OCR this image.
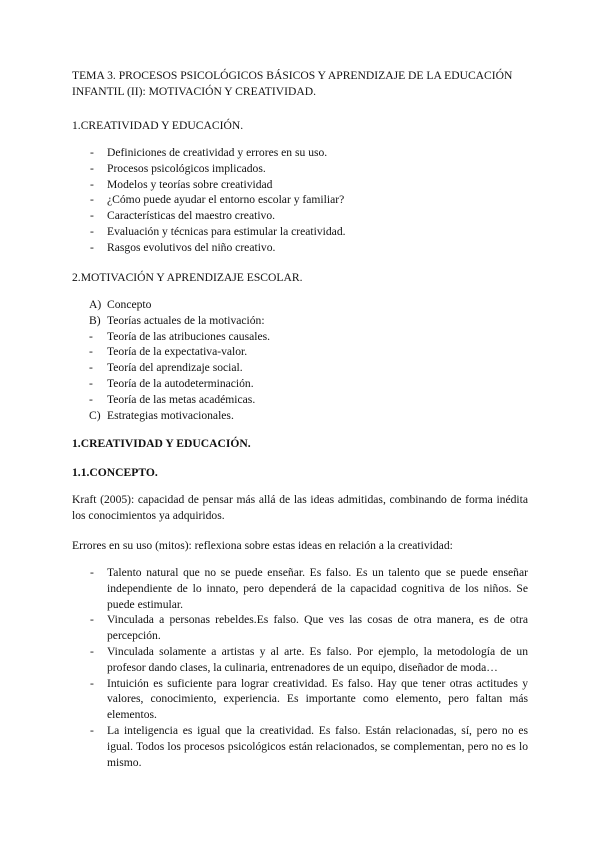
TEMA 3. PROCESOS PSICOLÓGICOS BÁSICOS Y APRENDIZAJE DE LA EDUCACIÓN INFANTIL (II): MOTIVACIÓN Y CREATIVIDAD.

1.CREATIVIDAD Y EDUCACIÓN.

- Definiciones de creatividad y errores en su uso.
- Procesos psicológicos implicados.
- Modelos y teorías sobre creatividad
- ¿Cómo puede ayudar el entorno escolar y familiar?
- Características del maestro creativo.
- Evaluación y técnicas para estimular la creatividad.
- Rasgos evolutivos del niño creativo.

2.MOTIVACIÓN Y APRENDIZAJE ESCOLAR.

A) Concepto
B) Teorías actuales de la motivación:
- Teoría de las atribuciones causales.
- Teoría de la expectativa-valor.
- Teoría del aprendizaje social.
- Teoría de la autodeterminación.
- Teoría de las metas académicas.
C) Estrategias motivacionales.

1.CREATIVIDAD Y EDUCACIÓN.

1.1.CONCEPTO.

Kraft (2005): capacidad de pensar más allá de las ideas admitidas, combinando de forma inédita los conocimientos ya adquiridos.

Errores en su uso (mitos): reflexiona sobre estas ideas en relación a la creatividad:

- Talento natural que no se puede enseñar. Es falso. Es un talento que se puede enseñar independiente de lo innato, pero dependerá de la capacidad cognitiva de los niños. Se puede estimular.
- Vinculada a personas rebeldes.Es falso. Que ves las cosas de otra manera, es de otra percepción.
- Vinculada solamente a artistas y al arte. Es falso. Por ejemplo, la metodología de un profesor dando clases, la culinaria, entrenadores de un equipo, diseñador de moda…
- Intuición es suficiente para lograr creatividad. Es falso. Hay que tener otras actitudes y valores, conocimiento, experiencia. Es importante como elemento, pero faltan más elementos.
- La inteligencia es igual que la creatividad. Es falso. Están relacionadas, sí, pero no es igual. Todos los procesos psicológicos están relacionados, se complementan, pero no es lo mismo.
